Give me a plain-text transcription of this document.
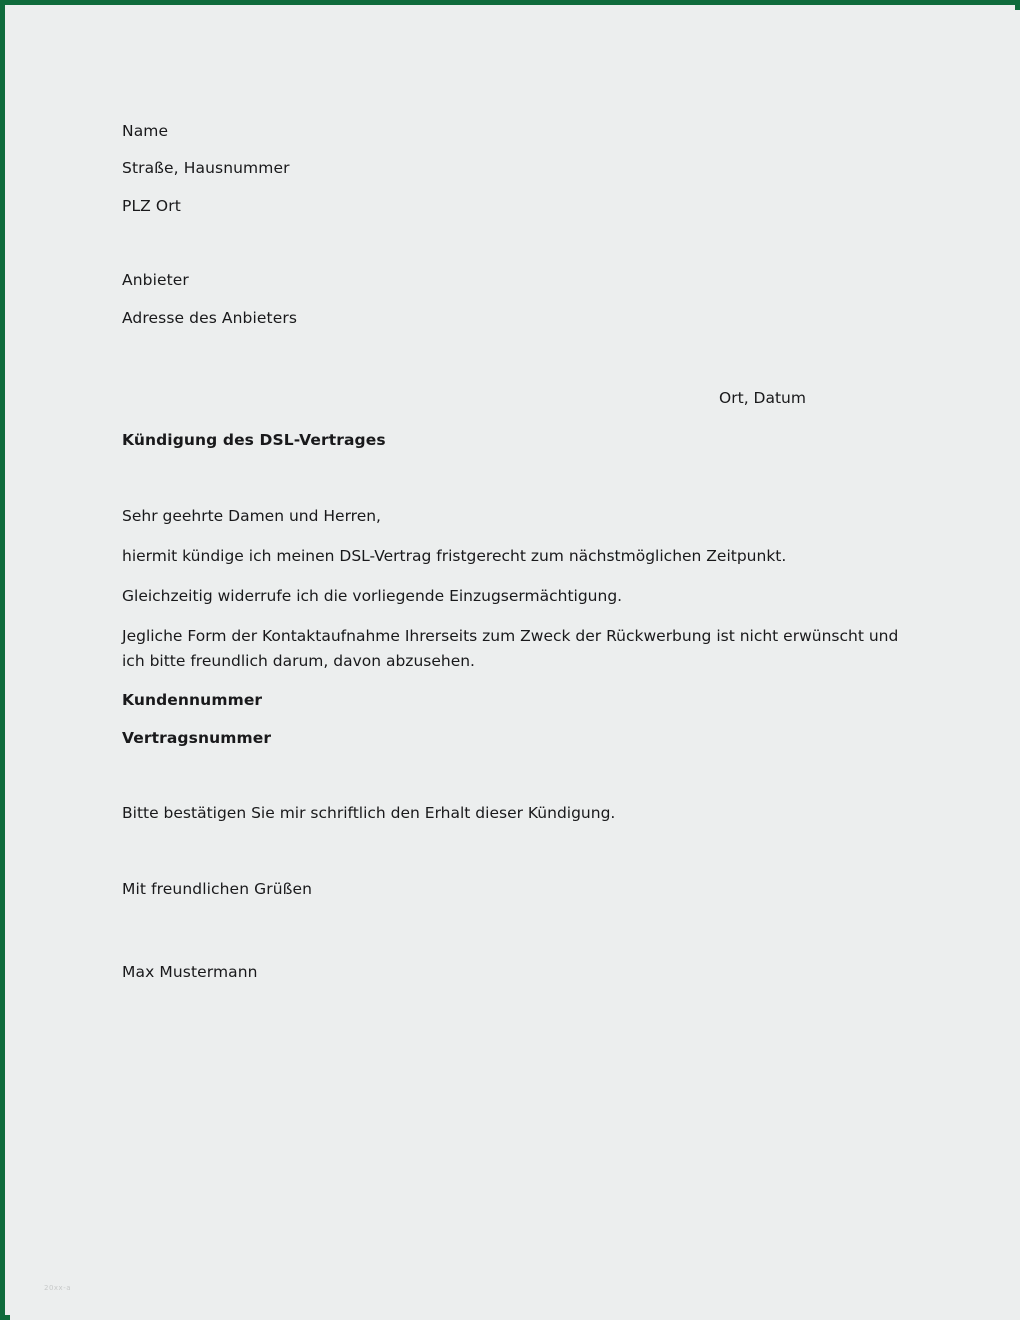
Name
Straße, Hausnummer
PLZ Ort
Anbieter
Adresse des Anbieters
Ort, Datum
Kündigung des DSL-Vertrages
Sehr geehrte Damen und Herren,
hiermit kündige ich meinen DSL-Vertrag fristgerecht zum nächstmöglichen Zeitpunkt.
Gleichzeitig widerrufe ich die vorliegende Einzugsermächtigung.
Jegliche Form der Kontaktaufnahme Ihrerseits zum Zweck der Rückwerbung ist nicht erwünscht und ich bitte freundlich darum, davon abzusehen.
Kundennummer
Vertragsnummer
Bitte bestätigen Sie mir schriftlich den Erhalt dieser Kündigung.
Mit freundlichen Grüßen
Max Mustermann
20xx-a
